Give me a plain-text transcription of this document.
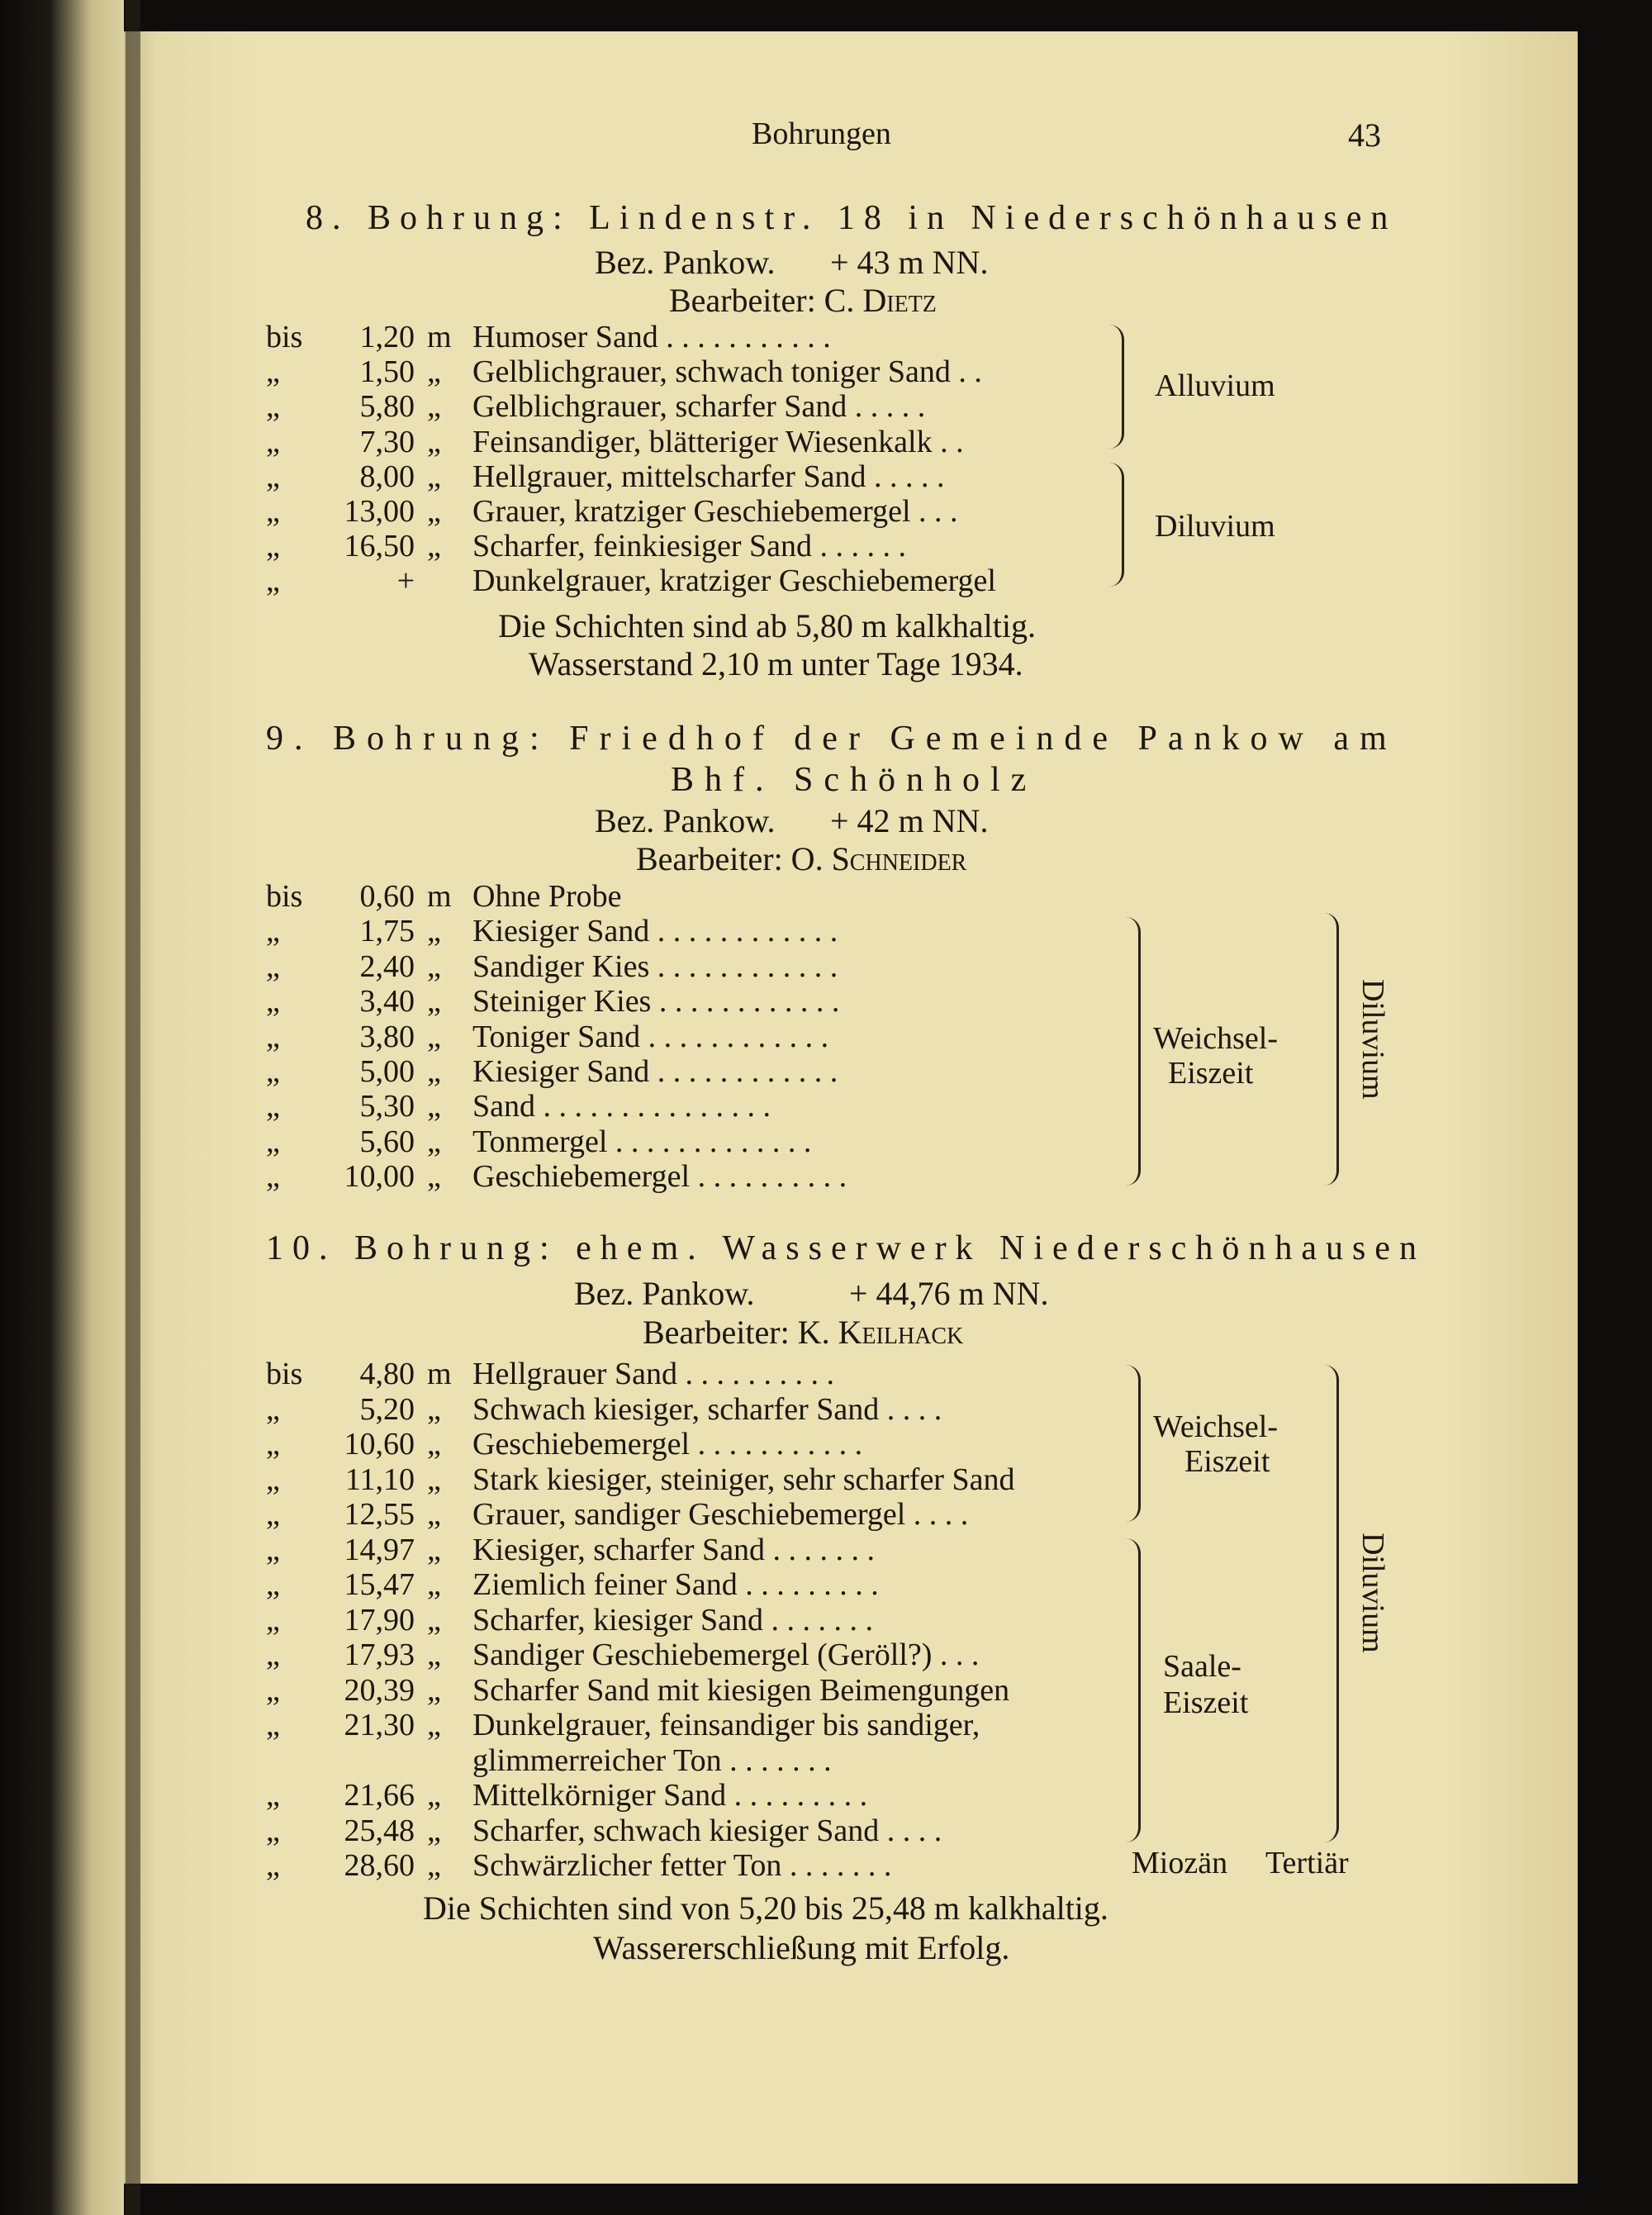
Bohrungen	43
8. Bohrung: Lindenstr. 18 in Niederschönhausen
Bez. Pankow. + 43 m NN.
Bearbeiter: C. Dietz
bis	1,20 m Humoser Sand . . . . . . . . . . .
„	1,50 „	Gelblichgrauer, schwach toniger Sand . .
„	5,80 „	Gelblichgrauer, scharfer Sand . . . . .
„	7,30 „	Feinsandiger, blätteriger Wiesenkalk . .
„	8,00 „	Hellgrauer, mittelscharfer Sand . . . . .
„	13,00 „	Grauer, kratziger Geschiebemergel . . .
„	16,50 „	Scharfer, feinkiesiger Sand . . . . . .
„	+ Dunkelgrauer, kratziger Geschiebemergel
Alluvium
Diluvium
Die Schichten sind ab 5,80 m kalkhaltig.
Wasserstand 2,10 m unter Tage 1934.
9. Bohrung: Friedhof der Gemeinde Pankow am
Bhf. Schönholz
Bez. Pankow. + 42 m NN.
Bearbeiter: O. Schneider
bis	0,60 m Ohne Probe
„	1,75 „	Kiesiger Sand . . . . . . . . . . . .
„	2,40 „	Sandiger Kies . . . . . . . . . . . .
„	3,40 „	Steiniger Kies . . . . . . . . . . . .
„	3,80 „	Toniger Sand . . . . . . . . . . . .
„	5,00 „	Kiesiger Sand . . . . . . . . . . . .
„	5,30 „	Sand . . . . . . . . . . . . . . .
„	5,60 „	Tonmergel . . . . . . . . . . . . .
„	10,00 „	Geschiebemergel . . . . . . . . . .
Weichsel-
Eiszeit	Diluvium
10. Bohrung: ehem. Wasserwerk Niederschönhausen
Bez. Pankow.	+ 44,76 m NN.
Bearbeiter: K. Keilhack
bis	4,80 m Hellgrauer Sand . . . . . . . . . .
„	5,20 „	Schwach kiesiger, scharfer Sand . . . .
„	10,60 „	Geschiebemergel . . . . . . . . . . .
„	11,10 „	Stark kiesiger, steiniger, sehr scharfer Sand
„	12,55 „	Grauer, sandiger Geschiebemergel . . . .
„	14,97 „	Kiesiger, scharfer Sand . . . . . . .
„	15,47 „	Ziemlich feiner Sand . . . . . . . . .
„	17,90 „	Scharfer, kiesiger Sand . . . . . . .
„	17,93 „	Sandiger Geschiebemergel (Geröll?) . . .
„	20,39 „	Scharfer Sand mit kiesigen Beimengungen
„	21,30 „	Dunkelgrauer, feinsandiger bis sandiger,
glimmerreicher Ton . . . . . . .
„	21,66 „	Mittelkörniger Sand . . . . . . . . .
„	25,48 „	Scharfer, schwach kiesiger Sand . . . .
„	28,60 „	Schwärzlicher fetter Ton . . . . . . .
Weichsel-
Eiszeit
Saale-
Eiszeit
Diluvium
Miozän Tertiär
Die Schichten sind von 5,20 bis 25,48 m kalkhaltig.
Wassererschließung mit Erfolg.
